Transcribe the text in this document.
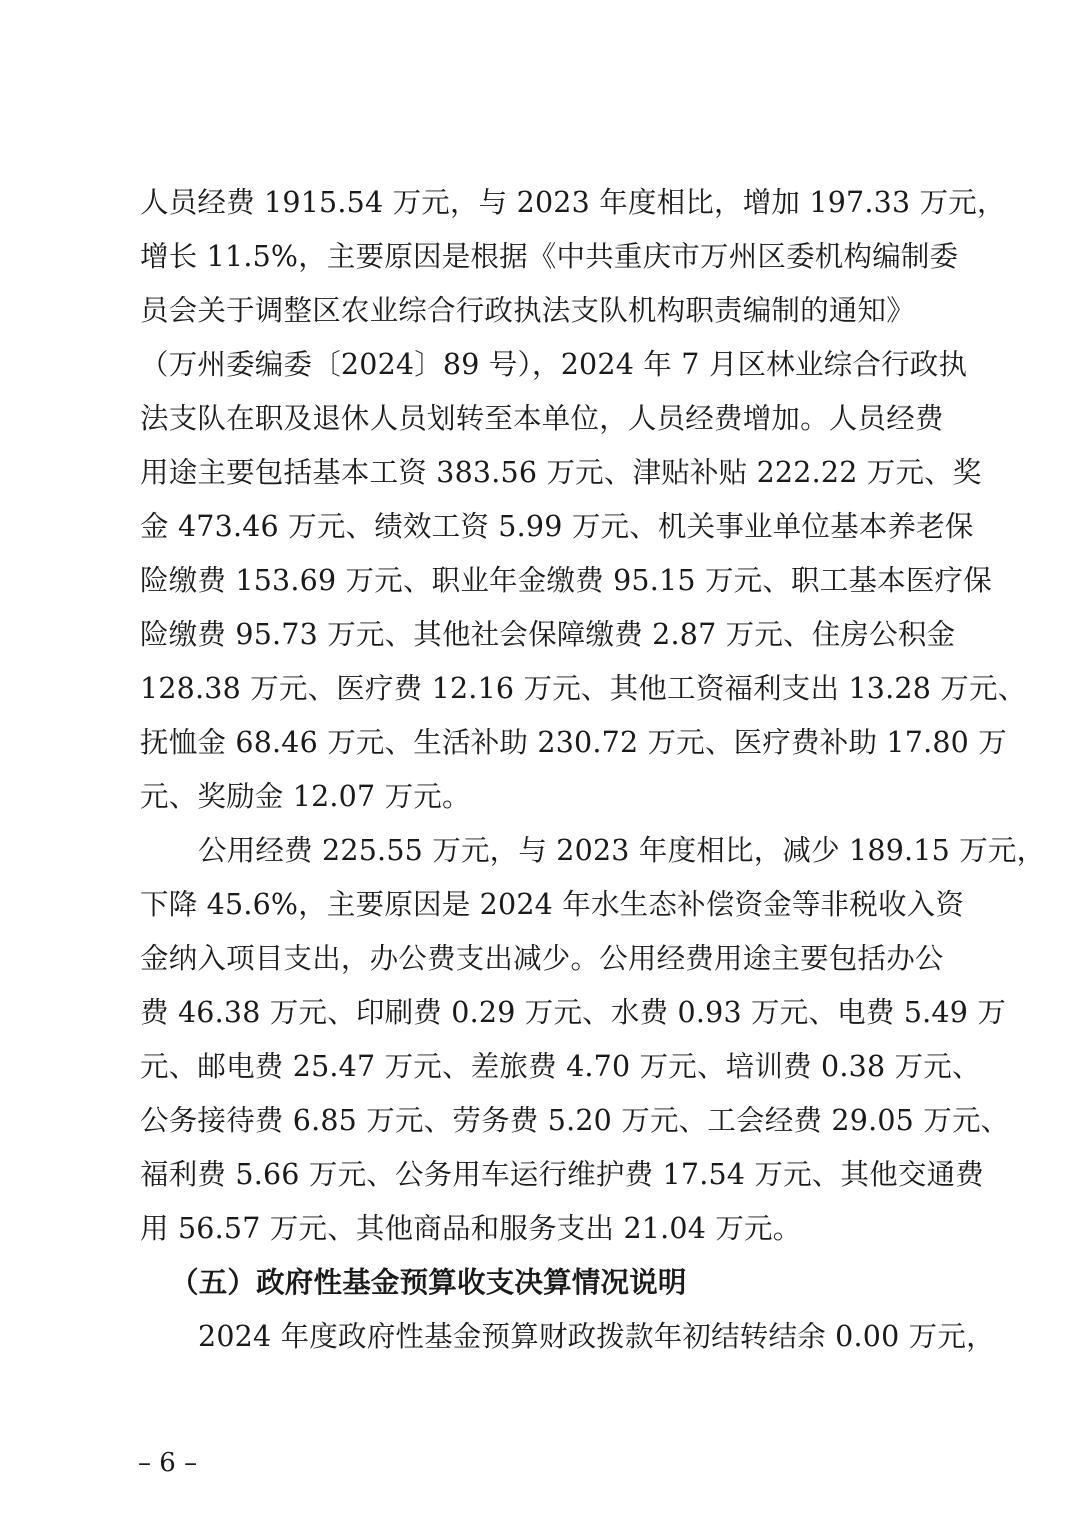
人员经费 1915.54 万元，与 2023 年度相比，增加 197.33 万元，
增长 11.5%，主要原因是根据《中共重庆市万州区委机构编制委
员会关于调整区农业综合行政执法支队机构职责编制的通知》
（万州委编委〔2024〕89 号），2024 年 7 月区林业综合行政执
法支队在职及退休人员划转至本单位，人员经费增加。人员经费
用途主要包括基本工资 383.56 万元、津贴补贴 222.22 万元、奖
金 473.46 万元、绩效工资 5.99 万元、机关事业单位基本养老保
险缴费 153.69 万元、职业年金缴费 95.15 万元、职工基本医疗保
险缴费 95.73 万元、其他社会保障缴费 2.87 万元、住房公积金
128.38 万元、医疗费 12.16 万元、其他工资福利支出 13.28 万元、
抚恤金 68.46 万元、生活补助 230.72 万元、医疗费补助 17.80 万
元、奖励金 12.07 万元。
公用经费 225.55 万元，与 2023 年度相比，减少 189.15 万元，
下降 45.6%，主要原因是 2024 年水生态补偿资金等非税收入资
金纳入项目支出，办公费支出减少。公用经费用途主要包括办公
费 46.38 万元、印刷费 0.29 万元、水费 0.93 万元、电费 5.49 万
元、邮电费 25.47 万元、差旅费 4.70 万元、培训费 0.38 万元、
公务接待费 6.85 万元、劳务费 5.20 万元、工会经费 29.05 万元、
福利费 5.66 万元、公务用车运行维护费 17.54 万元、其他交通费
用 56.57 万元、其他商品和服务支出 21.04 万元。
（五）政府性基金预算收支决算情况说明
2024 年度政府性基金预算财政拨款年初结转结余 0.00 万元，
– 6 –
